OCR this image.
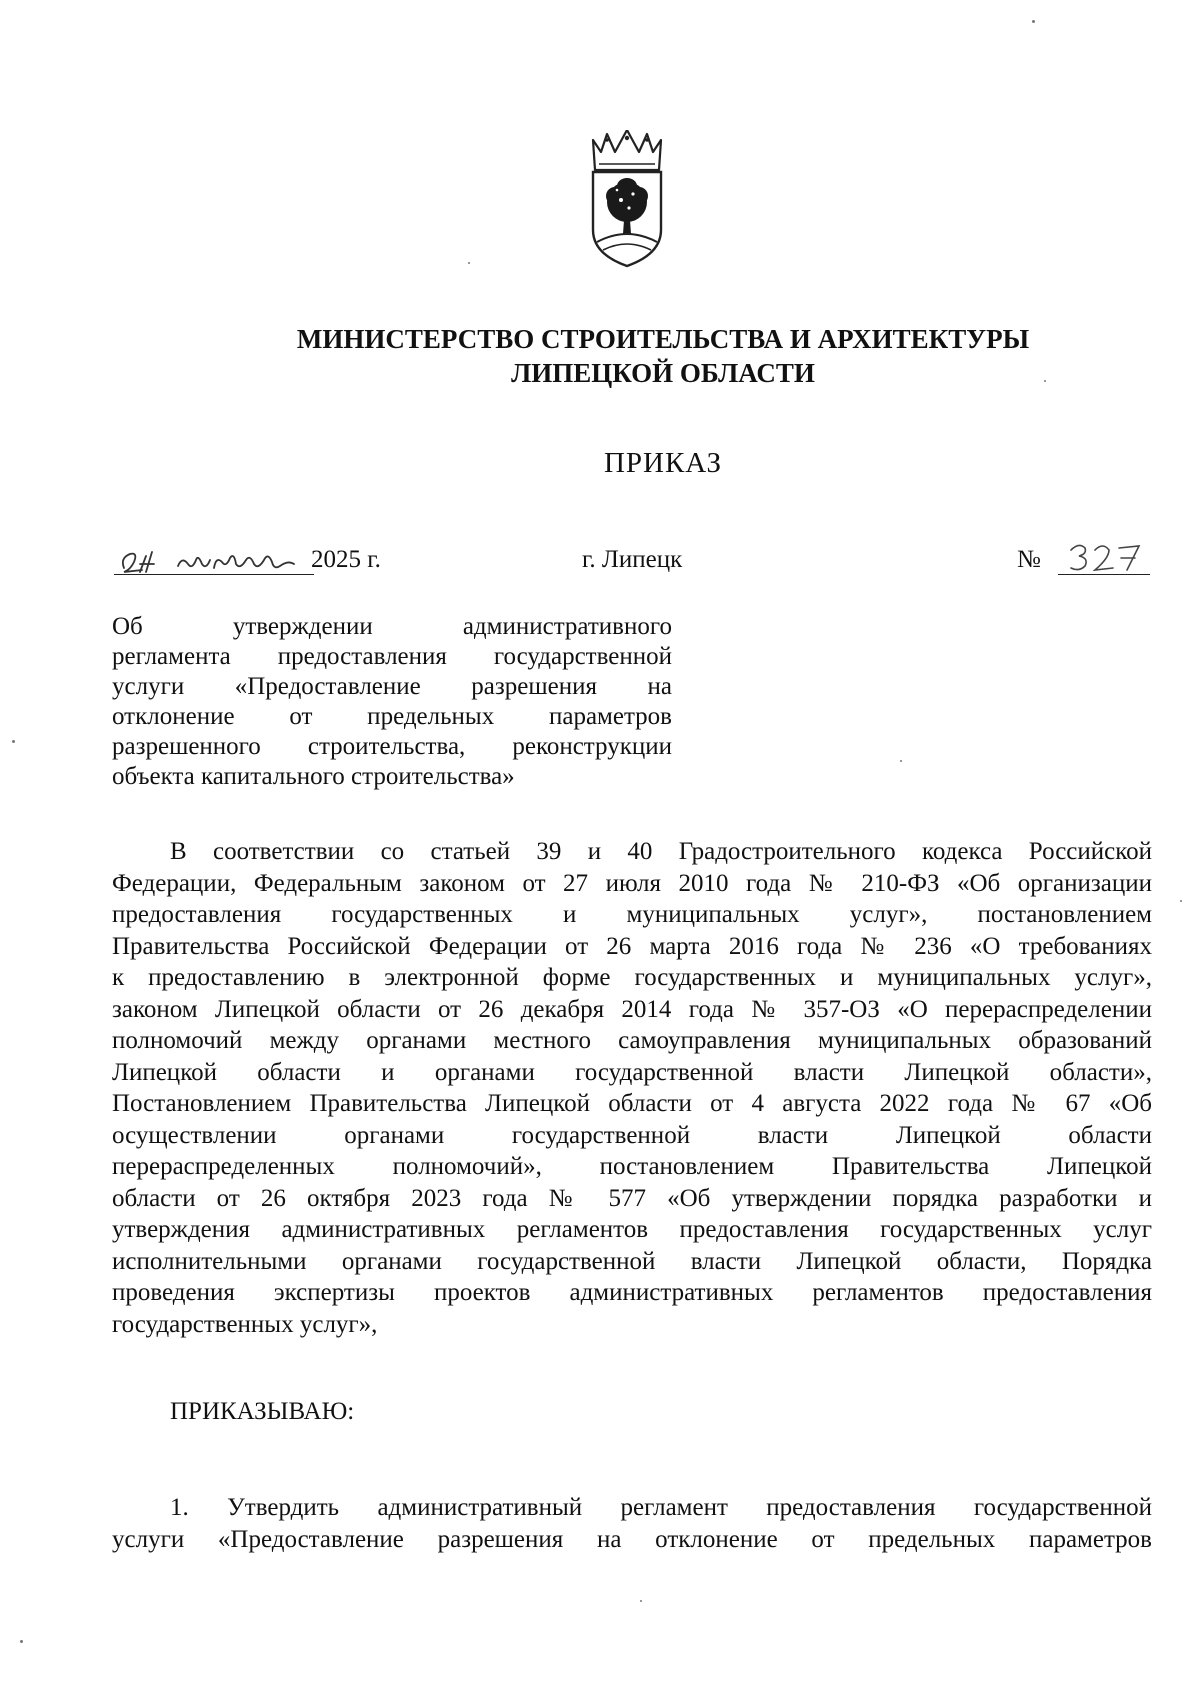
МИНИСТЕРСТВО СТРОИТЕЛЬСТВА И АРХИТЕКТУРЫ
ЛИПЕЦКОЙ ОБЛАСТИ
ПРИКАЗ
2025 г.	г. Липецк	№
Об утверждении административного
регламента предоставления государственной
услуги «Предоставление разрешения на
отклонение от предельных параметров
разрешенного строительства, реконструкции
объекта капитального строительства»
В соответствии со статьей 39 и 40 Градостроительного кодекса Российской
Федерации, Федеральным законом от 27 июля 2010 года № 210-ФЗ «Об организации
предоставления государственных и муниципальных услуг», постановлением
Правительства Российской Федерации от 26 марта 2016 года № 236 «О требованиях
к предоставлению в электронной форме государственных и муниципальных услуг»,
законом Липецкой области от 26 декабря 2014 года № 357-ОЗ «О перераспределении
полномочий между органами местного самоуправления муниципальных образований
Липецкой области и органами государственной власти Липецкой области»,
Постановлением Правительства Липецкой области от 4 августа 2022 года № 67 «Об
осуществлении органами государственной власти Липецкой области
перераспределенных полномочий», постановлением Правительства Липецкой
области от 26 октября 2023 года № 577 «Об утверждении порядка разработки и
утверждения административных регламентов предоставления государственных услуг
исполнительными органами государственной власти Липецкой области, Порядка
проведения экспертизы проектов административных регламентов предоставления
государственных услуг»,
ПРИКАЗЫВАЮ:
1. Утвердить административный регламент предоставления государственной
услуги «Предоставление разрешения на отклонение от предельных параметров
